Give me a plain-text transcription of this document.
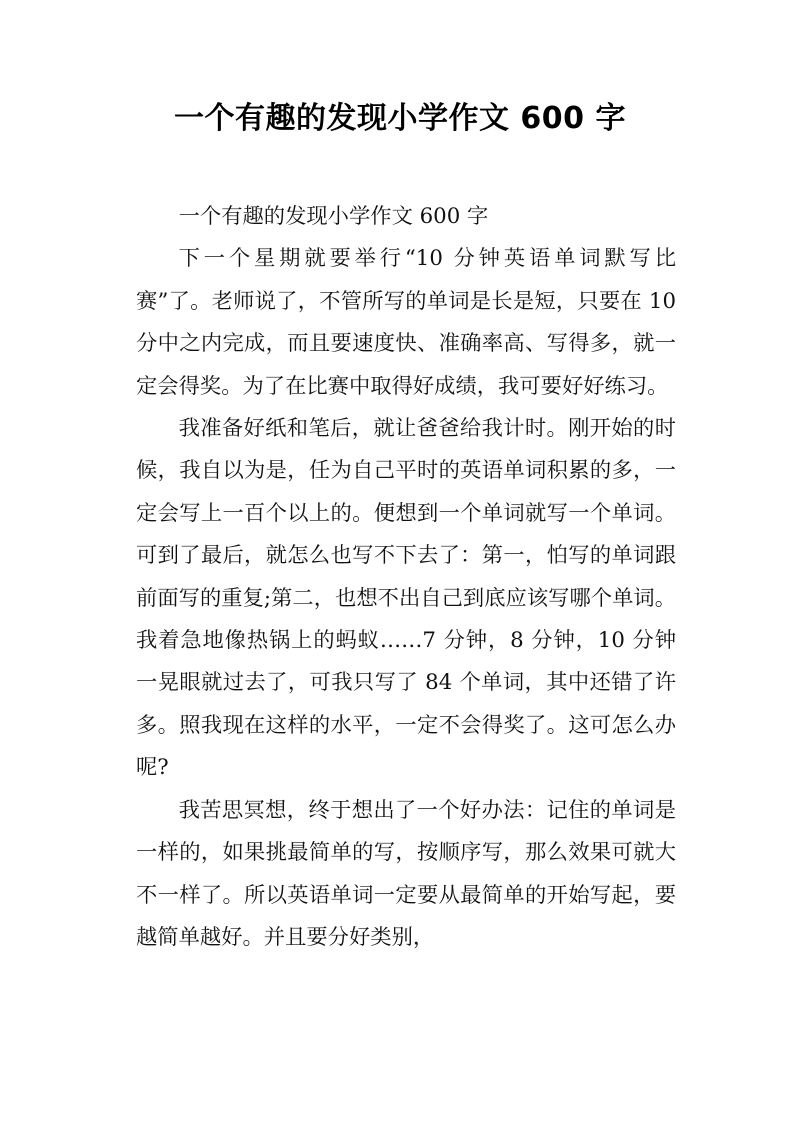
一个有趣的发现小学作文 600 字

一个有趣的发现小学作文 600 字

下一个星期就要举行“10 分钟英语单词默写比赛”了。老师说了，不管所写的单词是长是短，只要在 10 分中之内完成，而且要速度快、准确率高、写得多，就一定会得奖。为了在比赛中取得好成绩，我可要好好练习。

我准备好纸和笔后，就让爸爸给我计时。刚开始的时候，我自以为是，任为自己平时的英语单词积累的多，一定会写上一百个以上的。便想到一个单词就写一个单词。可到了最后，就怎么也写不下去了：第一，怕写的单词跟前面写的重复;第二，也想不出自己到底应该写哪个单词。我着急地像热锅上的蚂蚁……7 分钟，8 分钟，10 分钟一晃眼就过去了，可我只写了 84 个单词，其中还错了许多。照我现在这样的水平，一定不会得奖了。这可怎么办呢?

我苦思冥想，终于想出了一个好办法：记住的单词是一样的，如果挑最简单的写，按顺序写，那么效果可就大不一样了。所以英语单词一定要从最简单的开始写起，要越简单越好。并且要分好类别，
